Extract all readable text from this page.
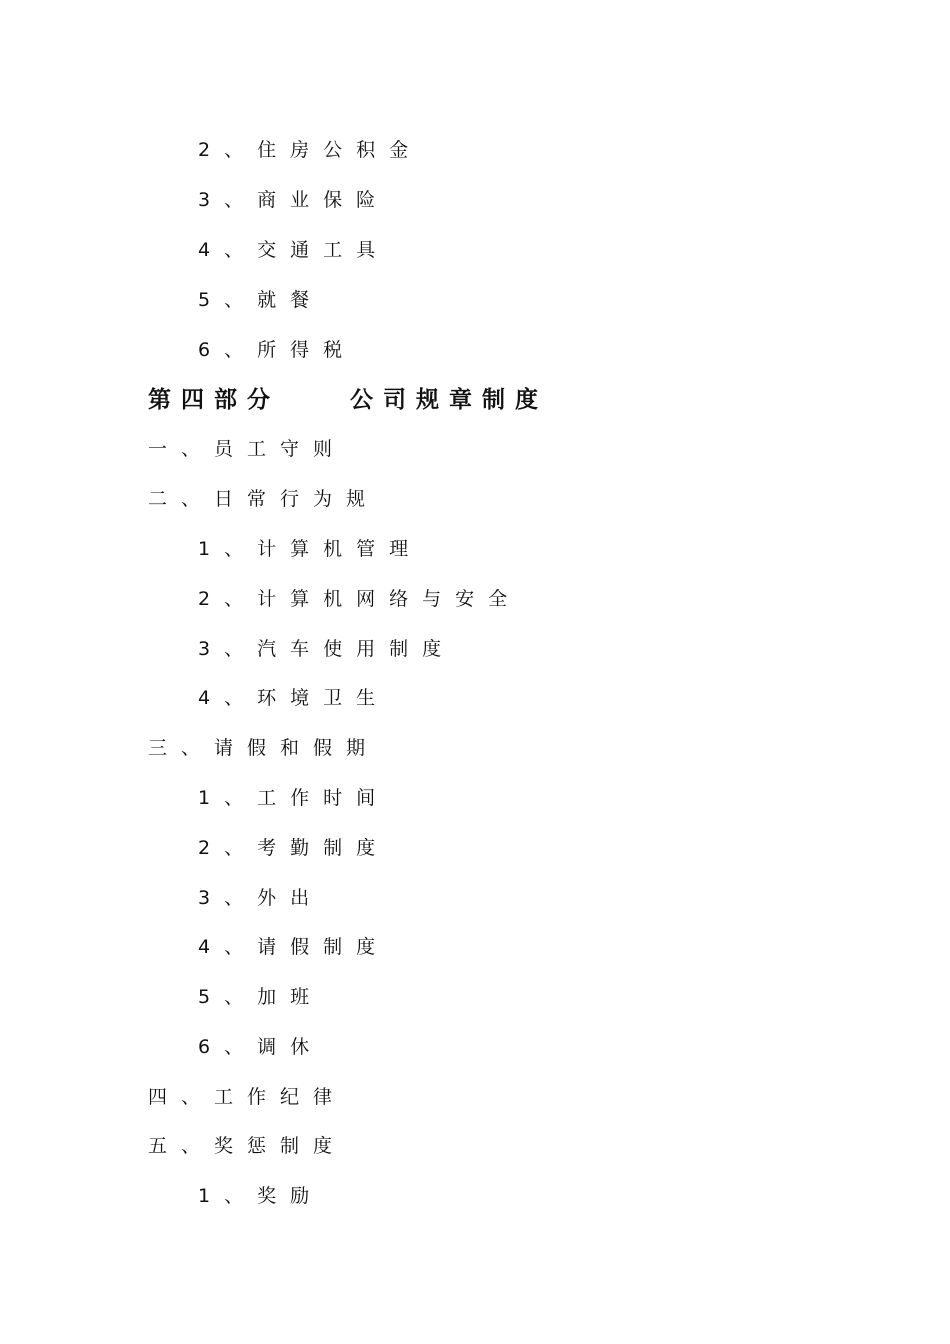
2、住房公积金
3、商业保险
4、交通工具
5、就餐
6、所得税
第四部分	公司规章制度
一、员工守则
二、日常行为规
1、计算机管理
2、计算机网络与安全
3、汽车使用制度
4、环境卫生
三、请假和假期
1、工作时间
2、考勤制度
3、外出
4、请假制度
5、加班
6、调休
四、工作纪律
五、奖惩制度
1、奖励
